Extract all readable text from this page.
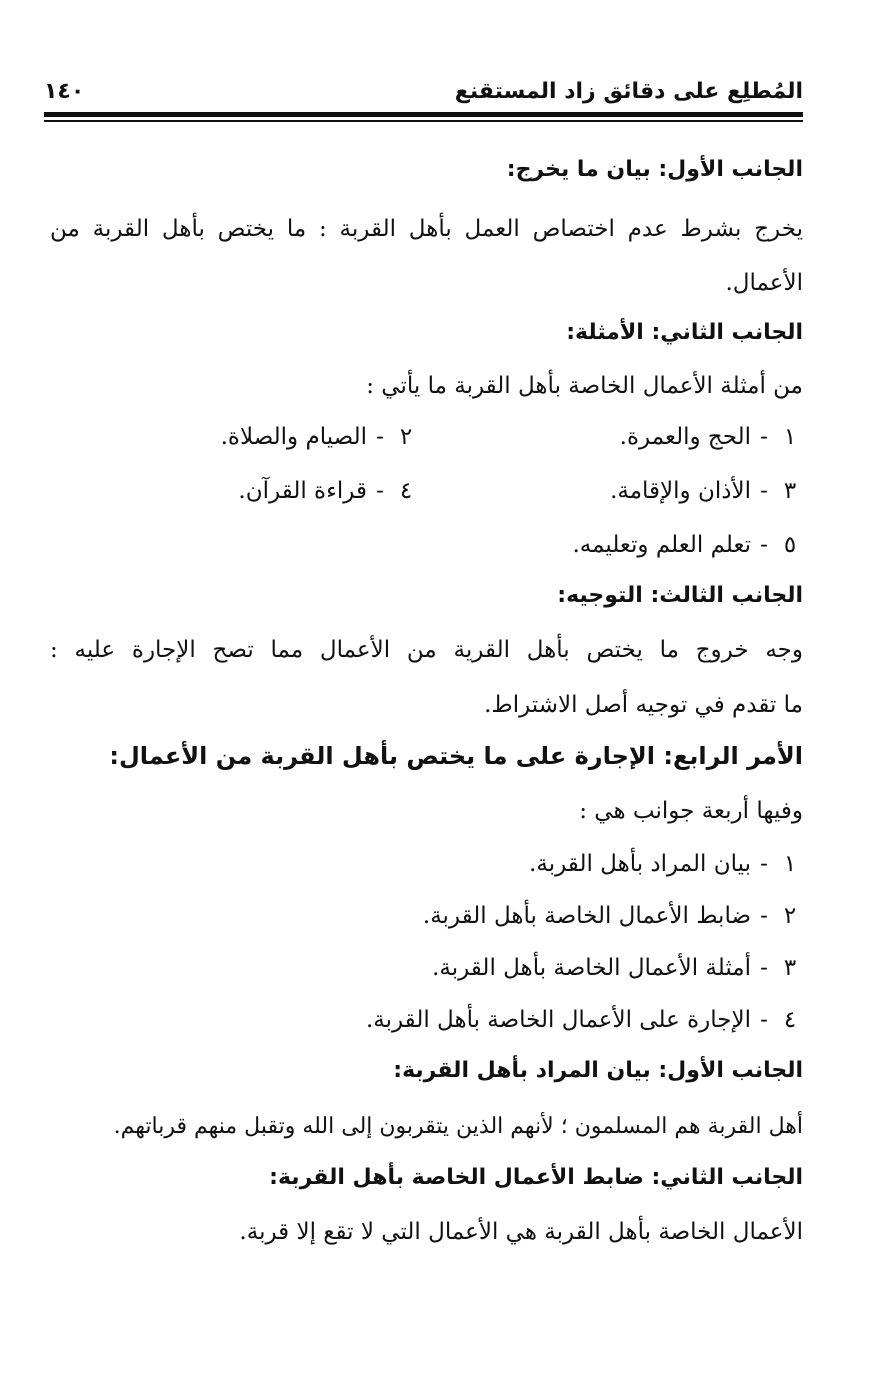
المُطلِع على دقائق زاد المستقنع
١٤٠
الجانب الأول: بيان ما يخرج:
يخرج بشرط عدم اختصاص العمل بأهل القربة : ما يختص بأهل القربة من
الأعمال.
الجانب الثاني: الأمثلة:
من أمثلة الأعمال الخاصة بأهل القربة ما يأتي :
١-الحج والعمرة.
٢-الصيام والصلاة.
٣-الأذان والإقامة.
٤-قراءة القرآن.
٥-تعلم العلم وتعليمه.
الجانب الثالث: التوجيه:
وجه خروج ما يختص بأهل القرية من الأعمال مما تصح الإجارة عليه :
ما تقدم في توجيه أصل الاشتراط.
الأمر الرابع: الإجارة على ما يختص بأهل القربة من الأعمال:
وفيها أربعة جوانب هي :
١-بيان المراد بأهل القربة.
٢-ضابط الأعمال الخاصة بأهل القربة.
٣-أمثلة الأعمال الخاصة بأهل القربة.
٤-الإجارة على الأعمال الخاصة بأهل القربة.
الجانب الأول: بيان المراد بأهل القربة:
أهل القربة هم المسلمون ؛ لأنهم الذين يتقربون إلى الله وتقبل منهم قرباتهم.
الجانب الثاني: ضابط الأعمال الخاصة بأهل القربة:
الأعمال الخاصة بأهل القربة هي الأعمال التي لا تقع إلا قربة.
